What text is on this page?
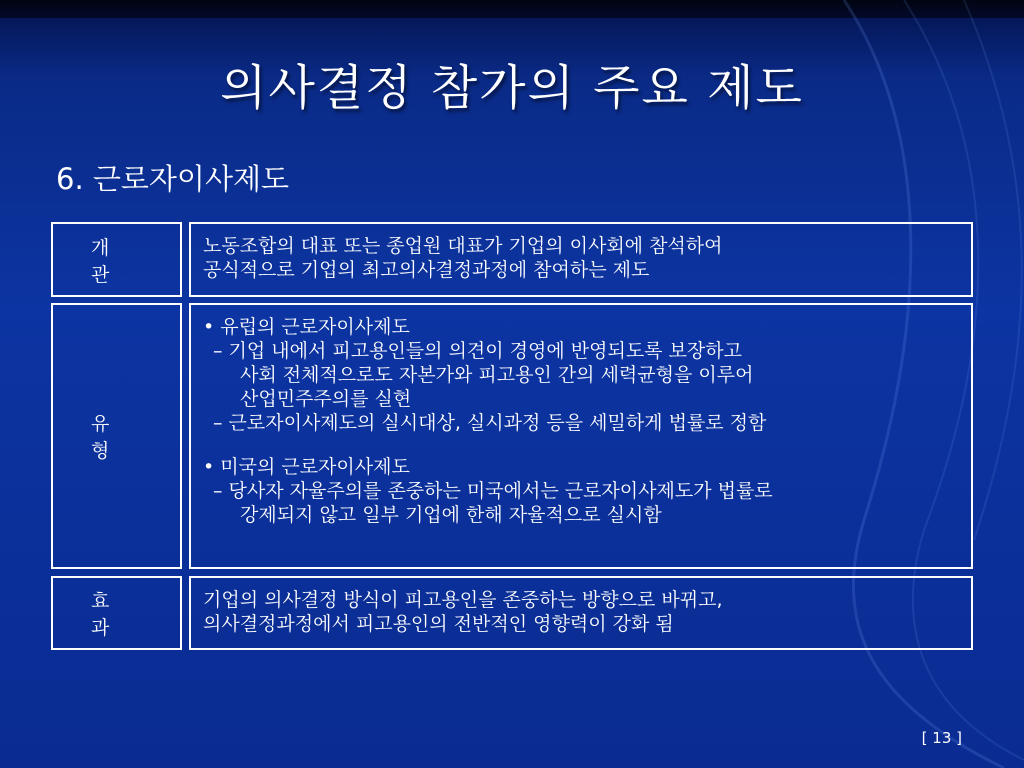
의사결정 참가의 주요 제도
6. 근로자이사제도
개관
노동조합의 대표 또는 종업원 대표가 기업의 이사회에 참석하여
공식적으로 기업의 최고의사결정과정에 참여하는 제도
유형
• 유럽의 근로자이사제도
– 기업 내에서 피고용인들의 의견이 경영에 반영되도록 보장하고
사회 전체적으로도 자본가와 피고용인 간의 세력균형을 이루어
산업민주주의를 실현
– 근로자이사제도의 실시대상, 실시과정 등을 세밀하게 법률로 정함
• 미국의 근로자이사제도
– 당사자 자율주의를 존중하는 미국에서는 근로자이사제도가 법률로
강제되지 않고 일부 기업에 한해 자율적으로 실시함
효과
기업의 의사결정 방식이 피고용인을 존중하는 방향으로 바뀌고,
의사결정과정에서 피고용인의 전반적인 영향력이 강화 됨
[ 13 ]
